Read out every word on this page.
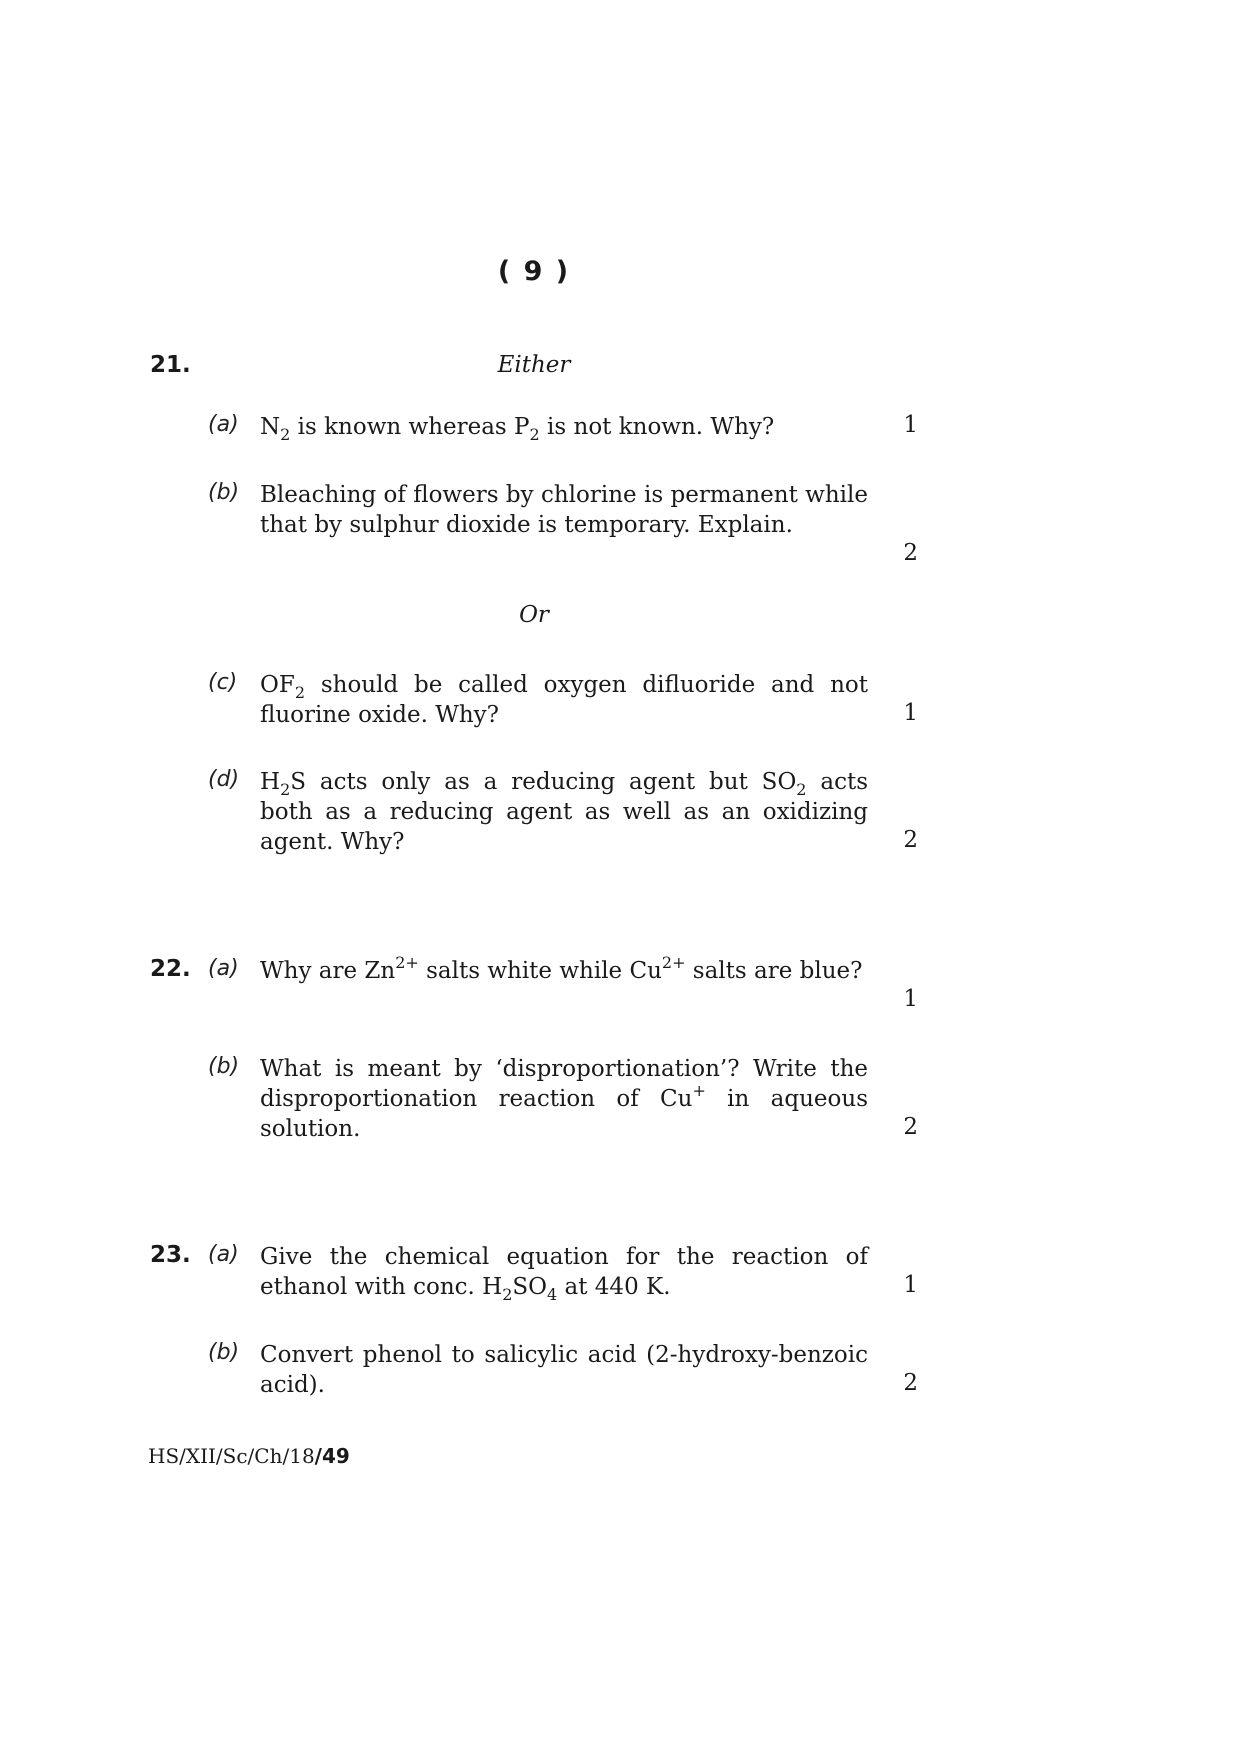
( 9 )
21.	Either
(a) $N_2$ is known whereas $P_2$ is not known. Why?	1
(b) Bleaching of flowers by chlorine is permanent while that by sulphur dioxide is temporary. Explain.
2
Or
(c) $OF_2$ should be called oxygen difluoride and not fluorine oxide. Why?	1
(d) $H_2S$ acts only as a reducing agent but $SO_2$ acts both as a reducing agent as well as an oxidizing agent. Why?	2
22. (a) Why are $Zn^{2+}$ salts white while $Cu^{2+}$ salts are blue?
1
(b) What is meant by ‘disproportionation’? Write the disproportionation reaction of Cu+ in aqueous solution.	2
23. (a) Give the chemical equation for the reaction of ethanol with conc. $H_2SO_4$ at 440 K.	1
(b) Convert phenol to salicylic acid (2-hydroxy-benzoic acid).	2
HS/XII/Sc/Ch/18/49
